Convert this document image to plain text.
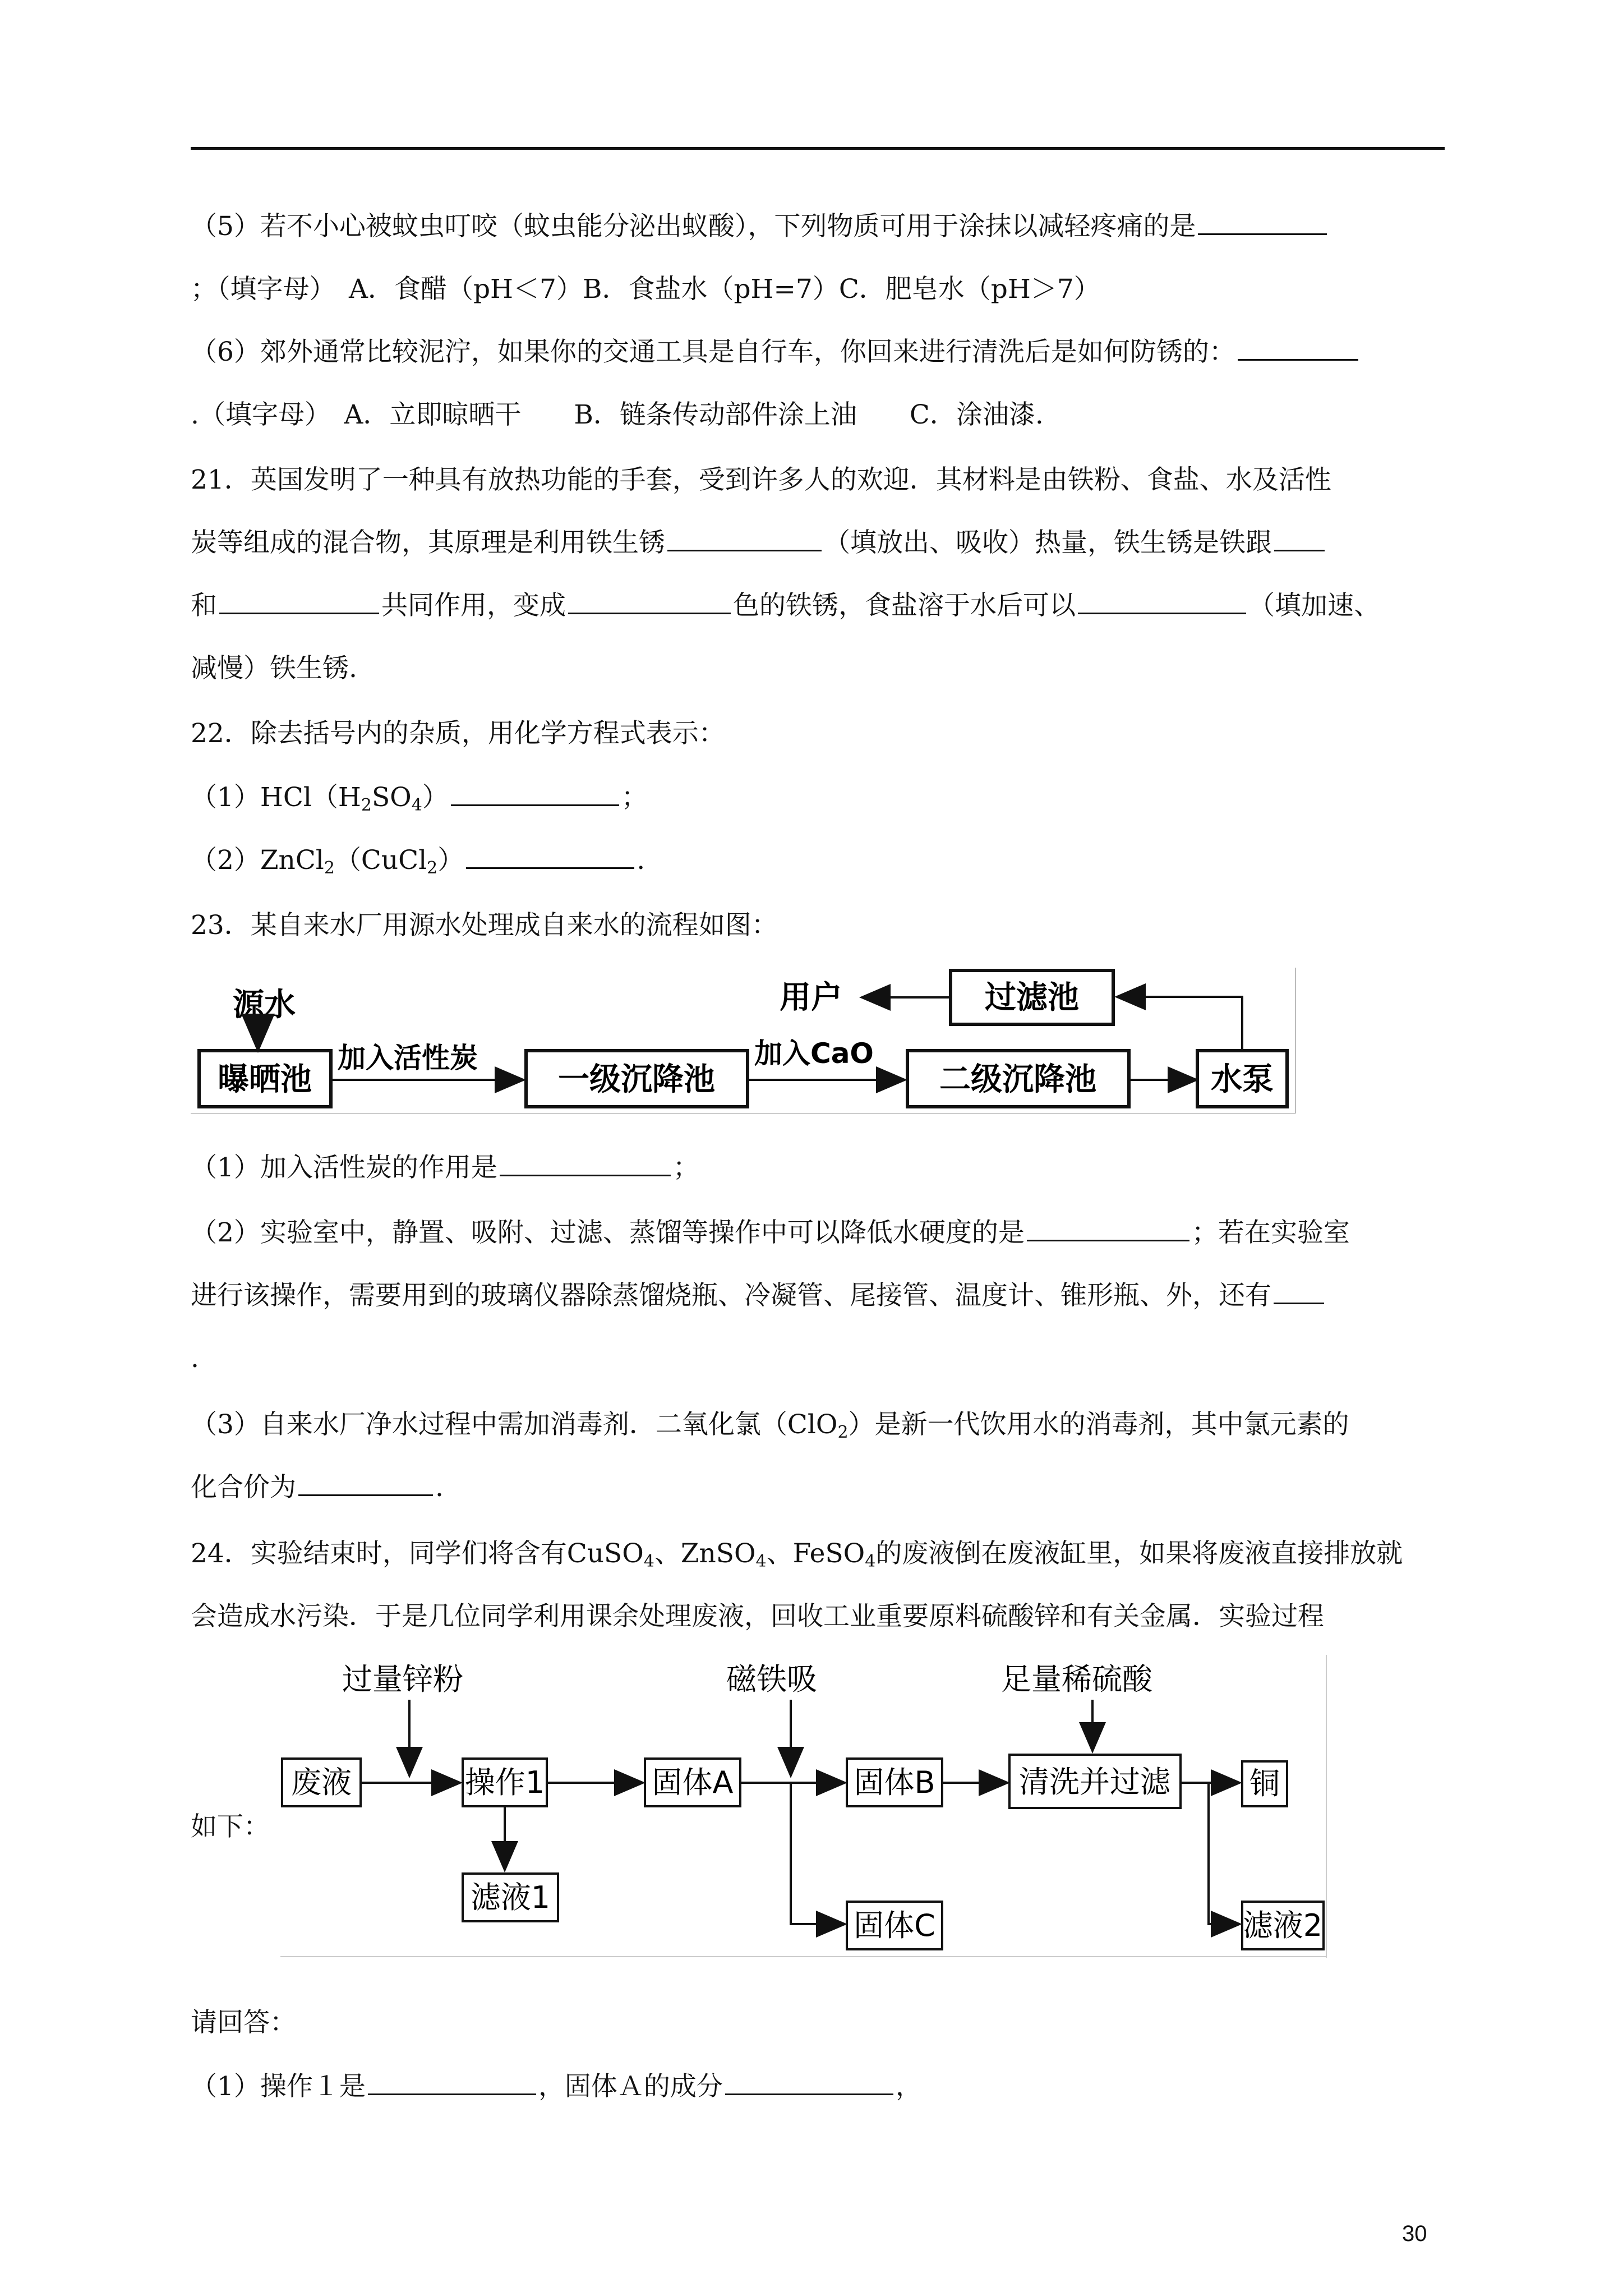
（5）若不小心被蚊虫叮咬（蚊虫能分泌出蚁酸），下列物质可用于涂抹以减轻疼痛的是
；（填字母）　A．食醋（pH＜7）B．食盐水（pH=7）C．肥皂水（pH＞7）
（6）郊外通常比较泥泞，如果你的交通工具是自行车，你回来进行清洗后是如何防锈的：
.（填字母）　A．立即晾晒干　　B．链条传动部件涂上油　　C．涂油漆.
21．英国发明了一种具有放热功能的手套，受到许多人的欢迎．其材料是由铁粉、食盐、水及活性
炭等组成的混合物，其原理是利用铁生锈	（填放出、吸收）热量，铁生锈是铁跟
和	共同作用，变成	色的铁锈，食盐溶于水后可以	（填加速、
减慢）铁生锈.
22．除去括号内的杂质，用化学方程式表示：
$(1)HCl(H_2SO_4)$	；
（2）ZnCl$_2$（CuCl$_2$）	.
23．某自来水厂用源水处理成自来水的流程如图：
源水
曝晒池
加入活性炭
一级沉降池
加入CaO
二级沉降池	水泵
过滤池
用户
（1）加入活性炭的作用是	；
（2）实验室中，静置、吸附、过滤、蒸馏等操作中可以降低水硬度的是	；若在实验室
进行该操作，需要用到的玻璃仪器除蒸馏烧瓶、冷凝管、尾接管、温度计、锥形瓶、外，还有
.
（3）自来水厂净水过程中需加消毒剂．二氧化氯（ClO$_2$）是新一代饮用水的消毒剂，其中氯元素的
化合价为	.
24．实验结束时，同学们将含有CuSO$_4$、ZnSO$_4$、FeSO$_4$的废液倒在废液缸里，如果将废液直接排放就
会造成水污染．于是几位同学利用课余处理废液，回收工业重要原料硫酸锌和有关金属．实验过程
如下：
过量锌粉	磁铁吸	足量稀硫酸
废液	操作1	固体A	固体B	清洗并过滤	铜
滤液1
固体C	滤液2
请回答：
（1）操作１是	，固体Ａ的成分	，
30
